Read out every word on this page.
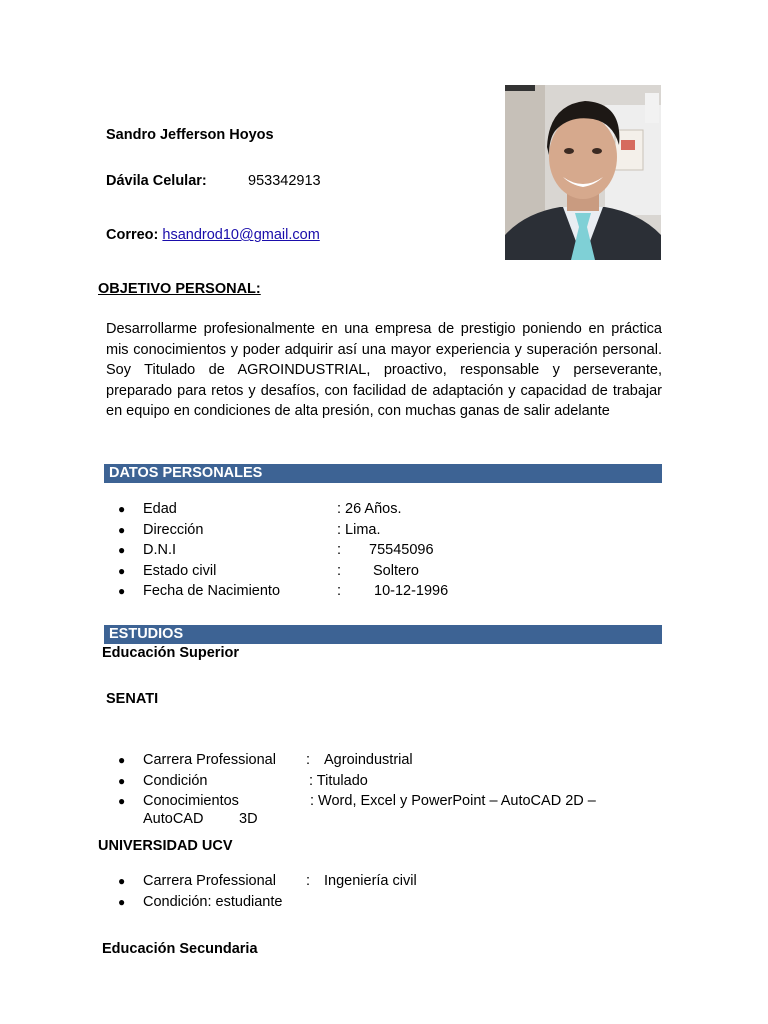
Sandro Jefferson Hoyos
Dávila Celular:	953342913
Correo: hsandrod10@gmail.com
OBJETIVO PERSONAL:
Desarrollarme profesionalmente en una empresa de prestigio poniendo en práctica mis conocimientos y poder adquirir así una mayor experiencia y superación personal. Soy Titulado de AGROINDUSTRIAL, proactivo, responsable y perseverante, preparado para retos y desafíos, con facilidad de adaptación y capacidad de trabajar en equipo en condiciones de alta presión, con muchas ganas de salir adelante
DATOS PERSONALES
● Edad	: 26 Años.
● Dirección	: Lima.
● D.N.I	: 75545096
● Estado civil	: Soltero
● Fecha de Nacimiento	: 10-12-1996
ESTUDIOS
Educación Superior
SENATI
● Carrera Professional : Agroindustrial
● Condición	: Titulado
● Conocimientos	: Word, Excel y PowerPoint – AutoCAD 2D –
AutoCAD 3D
UNIVERSIDAD UCV
● Carrera Professional : Ingeniería civil
● Condición: estudiante
Educación Secundaria
